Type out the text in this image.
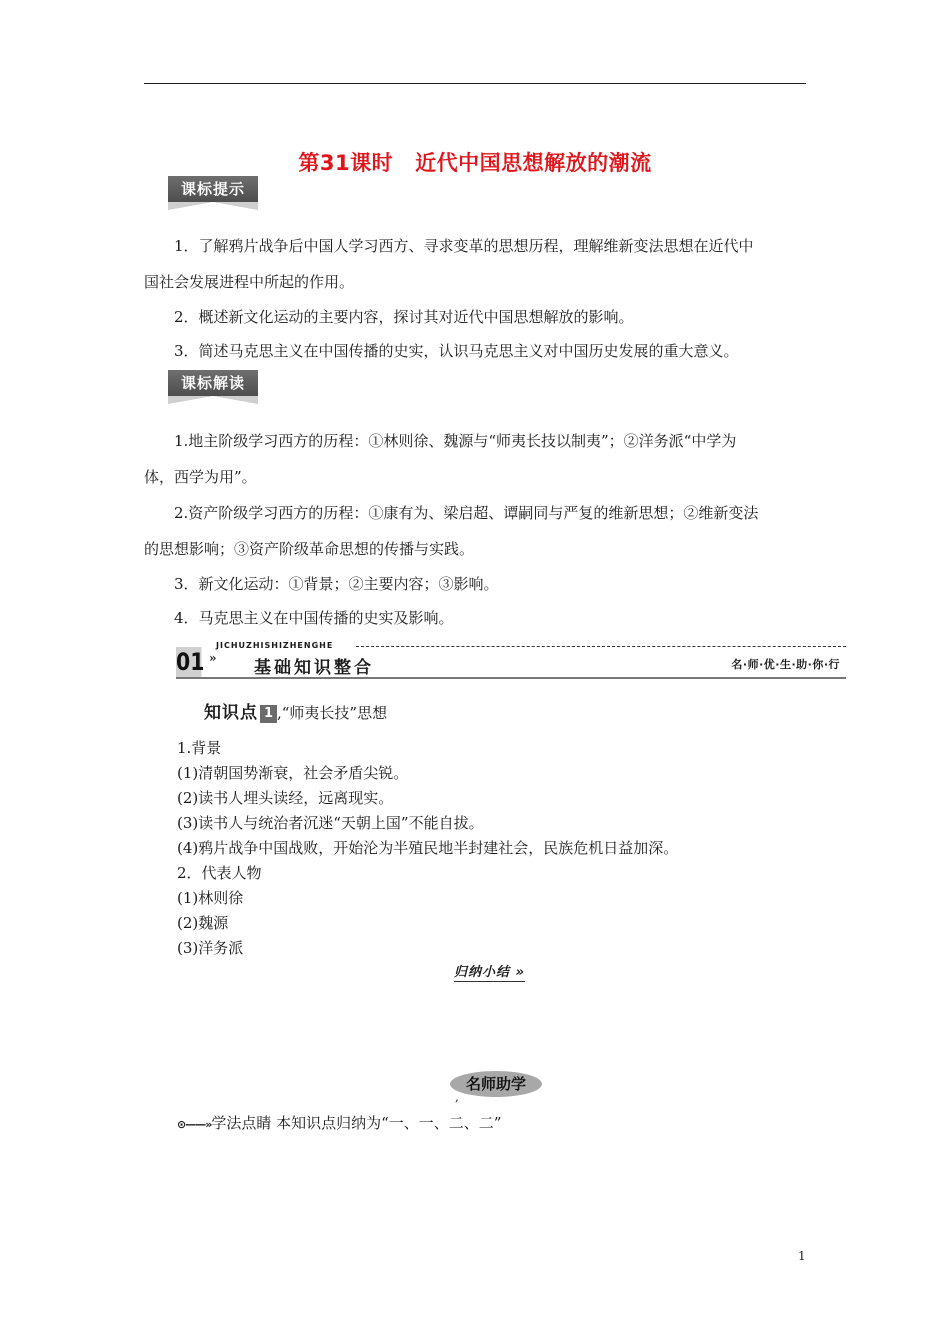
第31课时 近代中国思想解放的潮流
课标提示
1．了解鸦片战争后中国人学习西方、寻求变革的思想历程，理解维新变法思想在近代中
国社会发展进程中所起的作用。
2．概述新文化运动的主要内容，探讨其对近代中国思想解放的影响。
3．简述马克思主义在中国传播的史实，认识马克思主义对中国历史发展的重大意义。
课标解读
1.地主阶级学习西方的历程：①林则徐、魏源与“师夷长技以制夷”；②洋务派“中学为
体，西学为用”。
2.资产阶级学习西方的历程：①康有为、梁启超、谭嗣同与严复的维新思想；②维新变法
的思想影响；③资产阶级革命思想的传播与实践。
3．新文化运动：①背景；②主要内容；③影响。
4．马克思主义在中国传播的史实及影响。
01 »
JICHUZHISHIZHENGHE
基础知识整合	名·师·优·生·助·你·行
知识点 1 ,“师夷长技”思想
1.背景
(1)清朝国势渐衰，社会矛盾尖锐。
(2)读书人埋头读经，远离现实。
(3)读书人与统治者沉迷“天朝上国”不能自拔。
(4)鸦片战争中国战败，开始沦为半殖民地半封建社会，民族危机日益加深。
2．代表人物
(1)林则徐
(2)魏源
(3)洋务派
归纳小结 »
名师助学
,
⊙——»学法点睛 本知识点归纳为“一、一、二、二”
1
